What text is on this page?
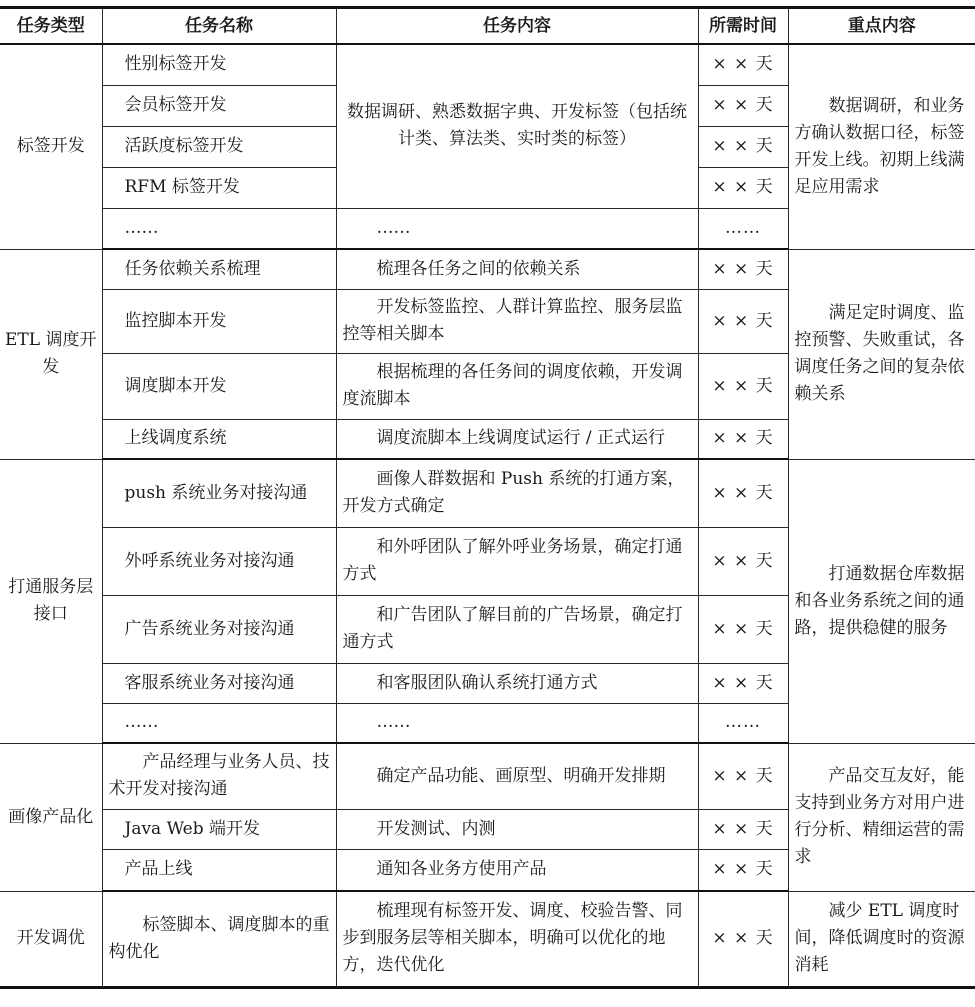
任务类型	任务名称	任务内容	所需时间	重点内容
标签开发	性别标签开发	数据调研、熟悉数据字典、开发标签（包括统计类、算法类、实时类的标签）	× × 天	数据调研，和业务方确认数据口径，标签开发上线。初期上线满足应用需求
	会员标签开发		× × 天	
	活跃度标签开发		× × 天	
	RFM 标签开发		× × 天	
	……	……	……	
ETL 调度开发	任务依赖关系梳理	梳理各任务之间的依赖关系	× × 天	满足定时调度、监控预警、失败重试，各调度任务之间的复杂依赖关系
	监控脚本开发	开发标签监控、人群计算监控、服务层监控等相关脚本	× × 天	
	调度脚本开发	根据梳理的各任务间的调度依赖，开发调度流脚本	× × 天	
	上线调度系统	调度流脚本上线调度试运行 / 正式运行	× × 天	
打通服务层接口	push 系统业务对接沟通	画像人群数据和 Push 系统的打通方案，开发方式确定	× × 天	打通数据仓库数据和各业务系统之间的通路，提供稳健的服务
	外呼系统业务对接沟通	和外呼团队了解外呼业务场景，确定打通方式	× × 天	
	广告系统业务对接沟通	和广告团队了解目前的广告场景，确定打通方式	× × 天	
	客服系统业务对接沟通	和客服团队确认系统打通方式	× × 天	
	……	……	……	
画像产品化	产品经理与业务人员、技术开发对接沟通	确定产品功能、画原型、明确开发排期	× × 天	产品交互友好，能支持到业务方对用户进行分析、精细运营的需求
	Java Web 端开发	开发测试、内测	× × 天	
	产品上线	通知各业务方使用产品	× × 天	
开发调优	标签脚本、调度脚本的重构优化	梳理现有标签开发、调度、校验告警、同步到服务层等相关脚本，明确可以优化的地方，迭代优化	× × 天	减少 ETL 调度时间，降低调度时的资源消耗
